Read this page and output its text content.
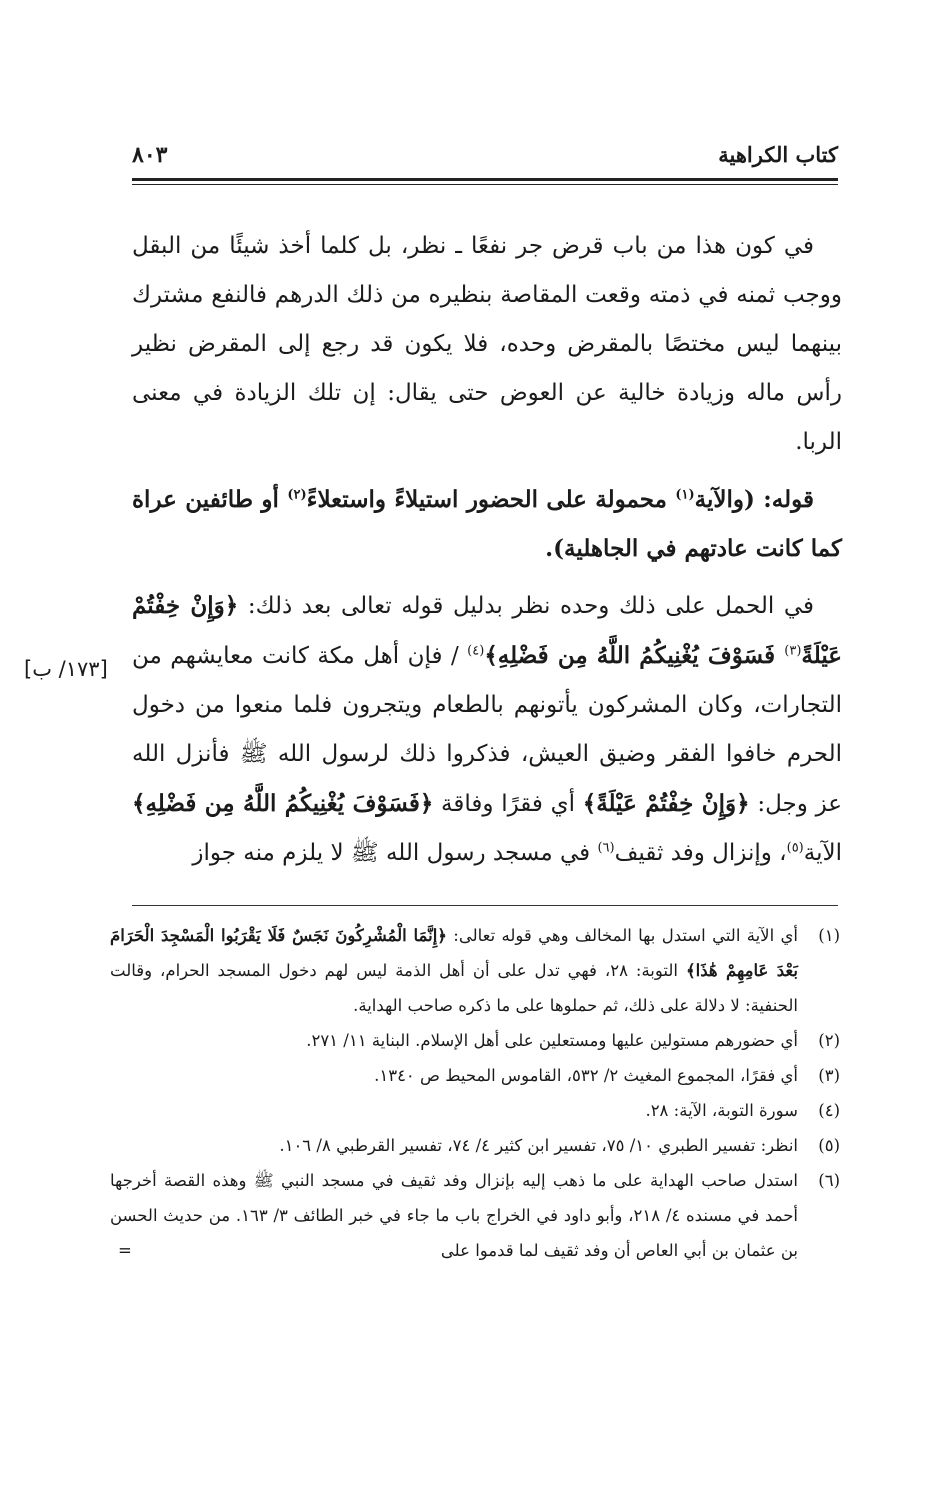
كتاب الكراهية
٨٠٣
[١٧٣/ ب]

في كون هذا من باب قرض جر نفعًا ـ نظر، بل كلما أخذ شيئًا من البقل ووجب ثمنه في ذمته وقعت المقاصة بنظيره من ذلك الدرهم فالنفع مشترك بينهما ليس مختصًا بالمقرض وحده، فلا يكون قد رجع إلى المقرض نظير رأس ماله وزيادة خالية عن العوض حتى يقال: إن تلك الزيادة في معنى الربا.

قوله: (والآية$^{(١)}$ محمولة على الحضور استيلاءً واستعلاءً$^{(٢)}$ أو طائفين عراة كما كانت عادتهم في الجاهلية).

في الحمل على ذلك وحده نظر بدليل قوله تعالى بعد ذلك: ﴿وَإِنْ خِفْتُمْ عَيْلَةً$^{(٣)}$ فَسَوْفَ يُغْنِيكُمُ اللَّهُ مِن فَضْلِهِ﴾$^{(٤)}$ / فإن أهل مكة كانت معايشهم من التجارات، وكان المشركون يأتونهم بالطعام ويتجرون فلما منعوا من دخول الحرم خافوا الفقر وضيق العيش، فذكروا ذلك لرسول الله ﷺ فأنزل الله عز وجل: ﴿وَإِنْ خِفْتُمْ عَيْلَةً﴾ أي فقرًا وفاقة ﴿فَسَوْفَ يُغْنِيكُمُ اللَّهُ مِن فَضْلِهِ﴾ الآية$^{(٥)}$، وإنزال وفد ثقيف$^{(٦)}$ في مسجد رسول الله ﷺ لا يلزم منه جواز

(١)
أي الآية التي استدل بها المخالف وهي قوله تعالى: ﴿إِنَّمَا الْمُشْرِكُونَ نَجَسٌ فَلَا يَقْرَبُوا الْمَسْجِدَ الْحَرَامَ بَعْدَ عَامِهِمْ هَٰذَا﴾ التوبة: ٢٨، فهي تدل على أن أهل الذمة ليس لهم دخول المسجد الحرام، وقالت الحنفية: لا دلالة على ذلك، ثم حملوها على ما ذكره صاحب الهداية.

(٢)
أي حضورهم مستولين عليها ومستعلين على أهل الإسلام. البناية ١١/ ٢٧١.

(٣)
أي فقرًا، المجموع المغيث ٢/ ٥٣٢، القاموس المحيط ص ١٣٤٠.

(٤)
سورة التوبة، الآية: ٢٨.

(٥)
انظر: تفسير الطبري ١٠/ ٧٥، تفسير ابن كثير ٤/ ٧٤، تفسير القرطبي ٨/ ١٠٦.

(٦)
استدل صاحب الهداية على ما ذهب إليه بإنزال وفد ثقيف في مسجد النبي ﷺ وهذه القصة أخرجها أحمد في مسنده ٤/ ٢١٨، وأبو داود في الخراج باب ما جاء في خبر الطائف ٣/ ١٦٣. من حديث الحسن بن عثمان بن أبي العاص أن وفد ثقيف لما قدموا على
=
